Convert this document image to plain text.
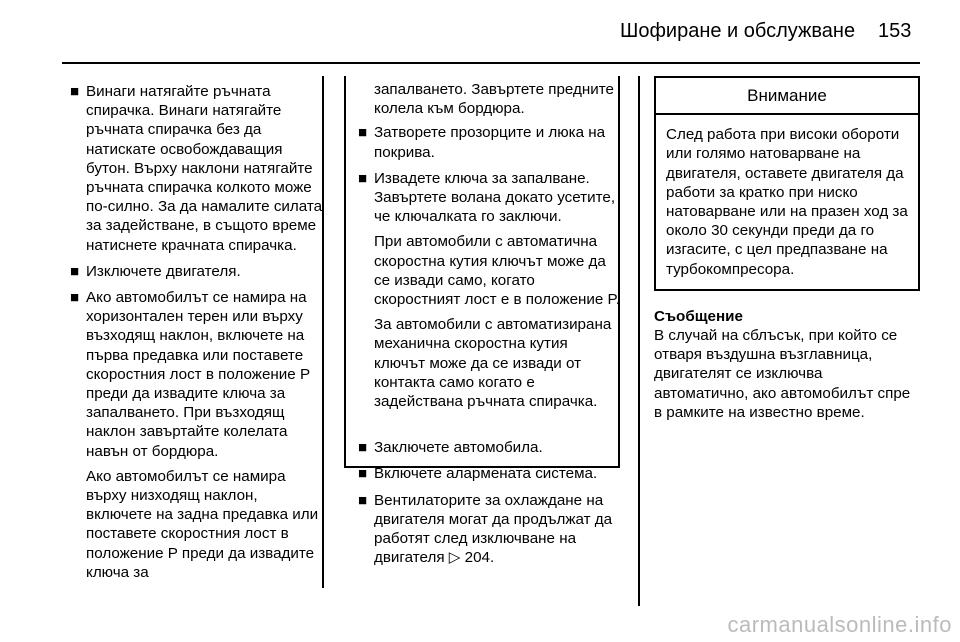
Шофиране и обслужване 153
■ Винаги натягайте ръчната спирачка. Винаги натягайте ръчната спирачка без да натискате освобождаващия бутон. Върху наклони натягайте ръчната спирачка колкото може по-силно. За да намалите силата за задействане, в същото време натиснете крачната спирачка.

■ Изключете двигателя.

■ Ако автомобилът се намира на хоризонтален терен или върху възходящ наклон, включете на първа предавка или поставете скоростния лост в положение P преди да извадите ключа за запалването. При възходящ наклон завъртайте колелата навън от бордюра.

Ако автомобилът се намира върху низходящ наклон, включете на задна предавка или поставете скоростния лост в положение P преди да извадите ключа за

запалването. Завъртете предните колела към бордюра.

■ Затворете прозорците и люка на покрива.

■ Извадете ключа за запалване. Завъртете волана докато усетите, че ключалката го заключи.

При автомобили с автоматична скоростна кутия ключът може да се извади само, когато скоростният лост е в положение P.

За автомобили с автоматизирана механична скоростна кутия ключът може да се извади от контакта само когато е задействана ръчната спирачка.

■ Заключете автомобила.

■ Включете алармената система.

■ Вентилаторите за охлаждане на двигателя могат да продължат да работят след изключване на двигателя ▷ 204.

Внимание
След работа при високи обороти или голямо натоварване на двигателя, оставете двигателя да работи за кратко при ниско натоварване или на празен ход за около 30 секунди преди да го изгасите, с цел предпазване на турбокомпресора.
Съобщение
В случай на сблъсък, при който се отваря въздушна възглавница, двигателят се изключва автоматично, ако автомобилът спре в рамките на известно време.
carmanualsonline.info
